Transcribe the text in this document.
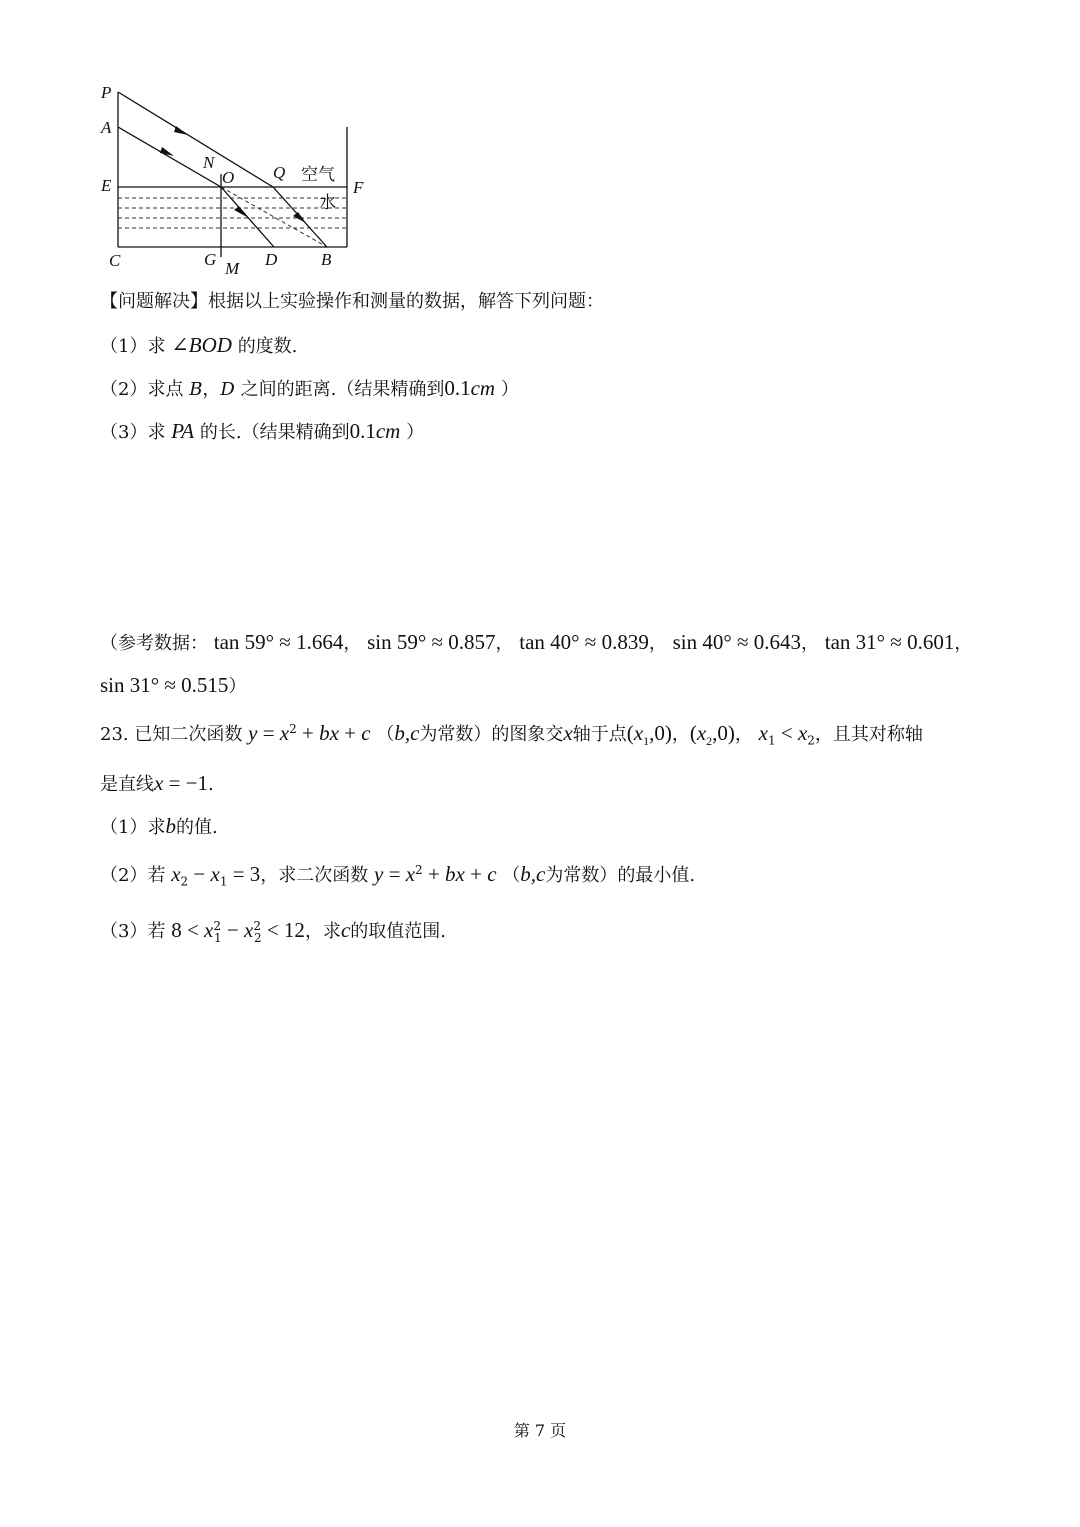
P
A
N
O Q
E	F
C	G M D	B
空气
水
【问题解决】根据以上实验操作和测量的数据，解答下列问题：
（1）求 ∠BOD 的度数.
（2）求点 B，D 之间的距离.（结果精确到0.1cm ）
（3）求 PA 的长.（结果精确到0.1cm ）
（参考数据： tan 59° ≈ 1.664， sin 59° ≈ 0.857， tan 40° ≈ 0.839， sin 40° ≈ 0.643， tan 31° ≈ 0.601，
sin 31° ≈ 0.515）
23. 已知二次函数 $y = x^2$ + bx + c （b,c为常数）的图象交x轴于点$(x_1,0)$，$(x_2,0)$， $x_1 < x_2$，且其对称轴
是直线x = −1.
（1）求b的值.
（2）若 $x_2 - x_1 = 3$，求二次函数 $y = x^2$ + bx + c （b,c为常数）的最小值.
（3）若 $8 < x^2_1 - x^2_2 < 12$，求c的取值范围.
第 7 页
